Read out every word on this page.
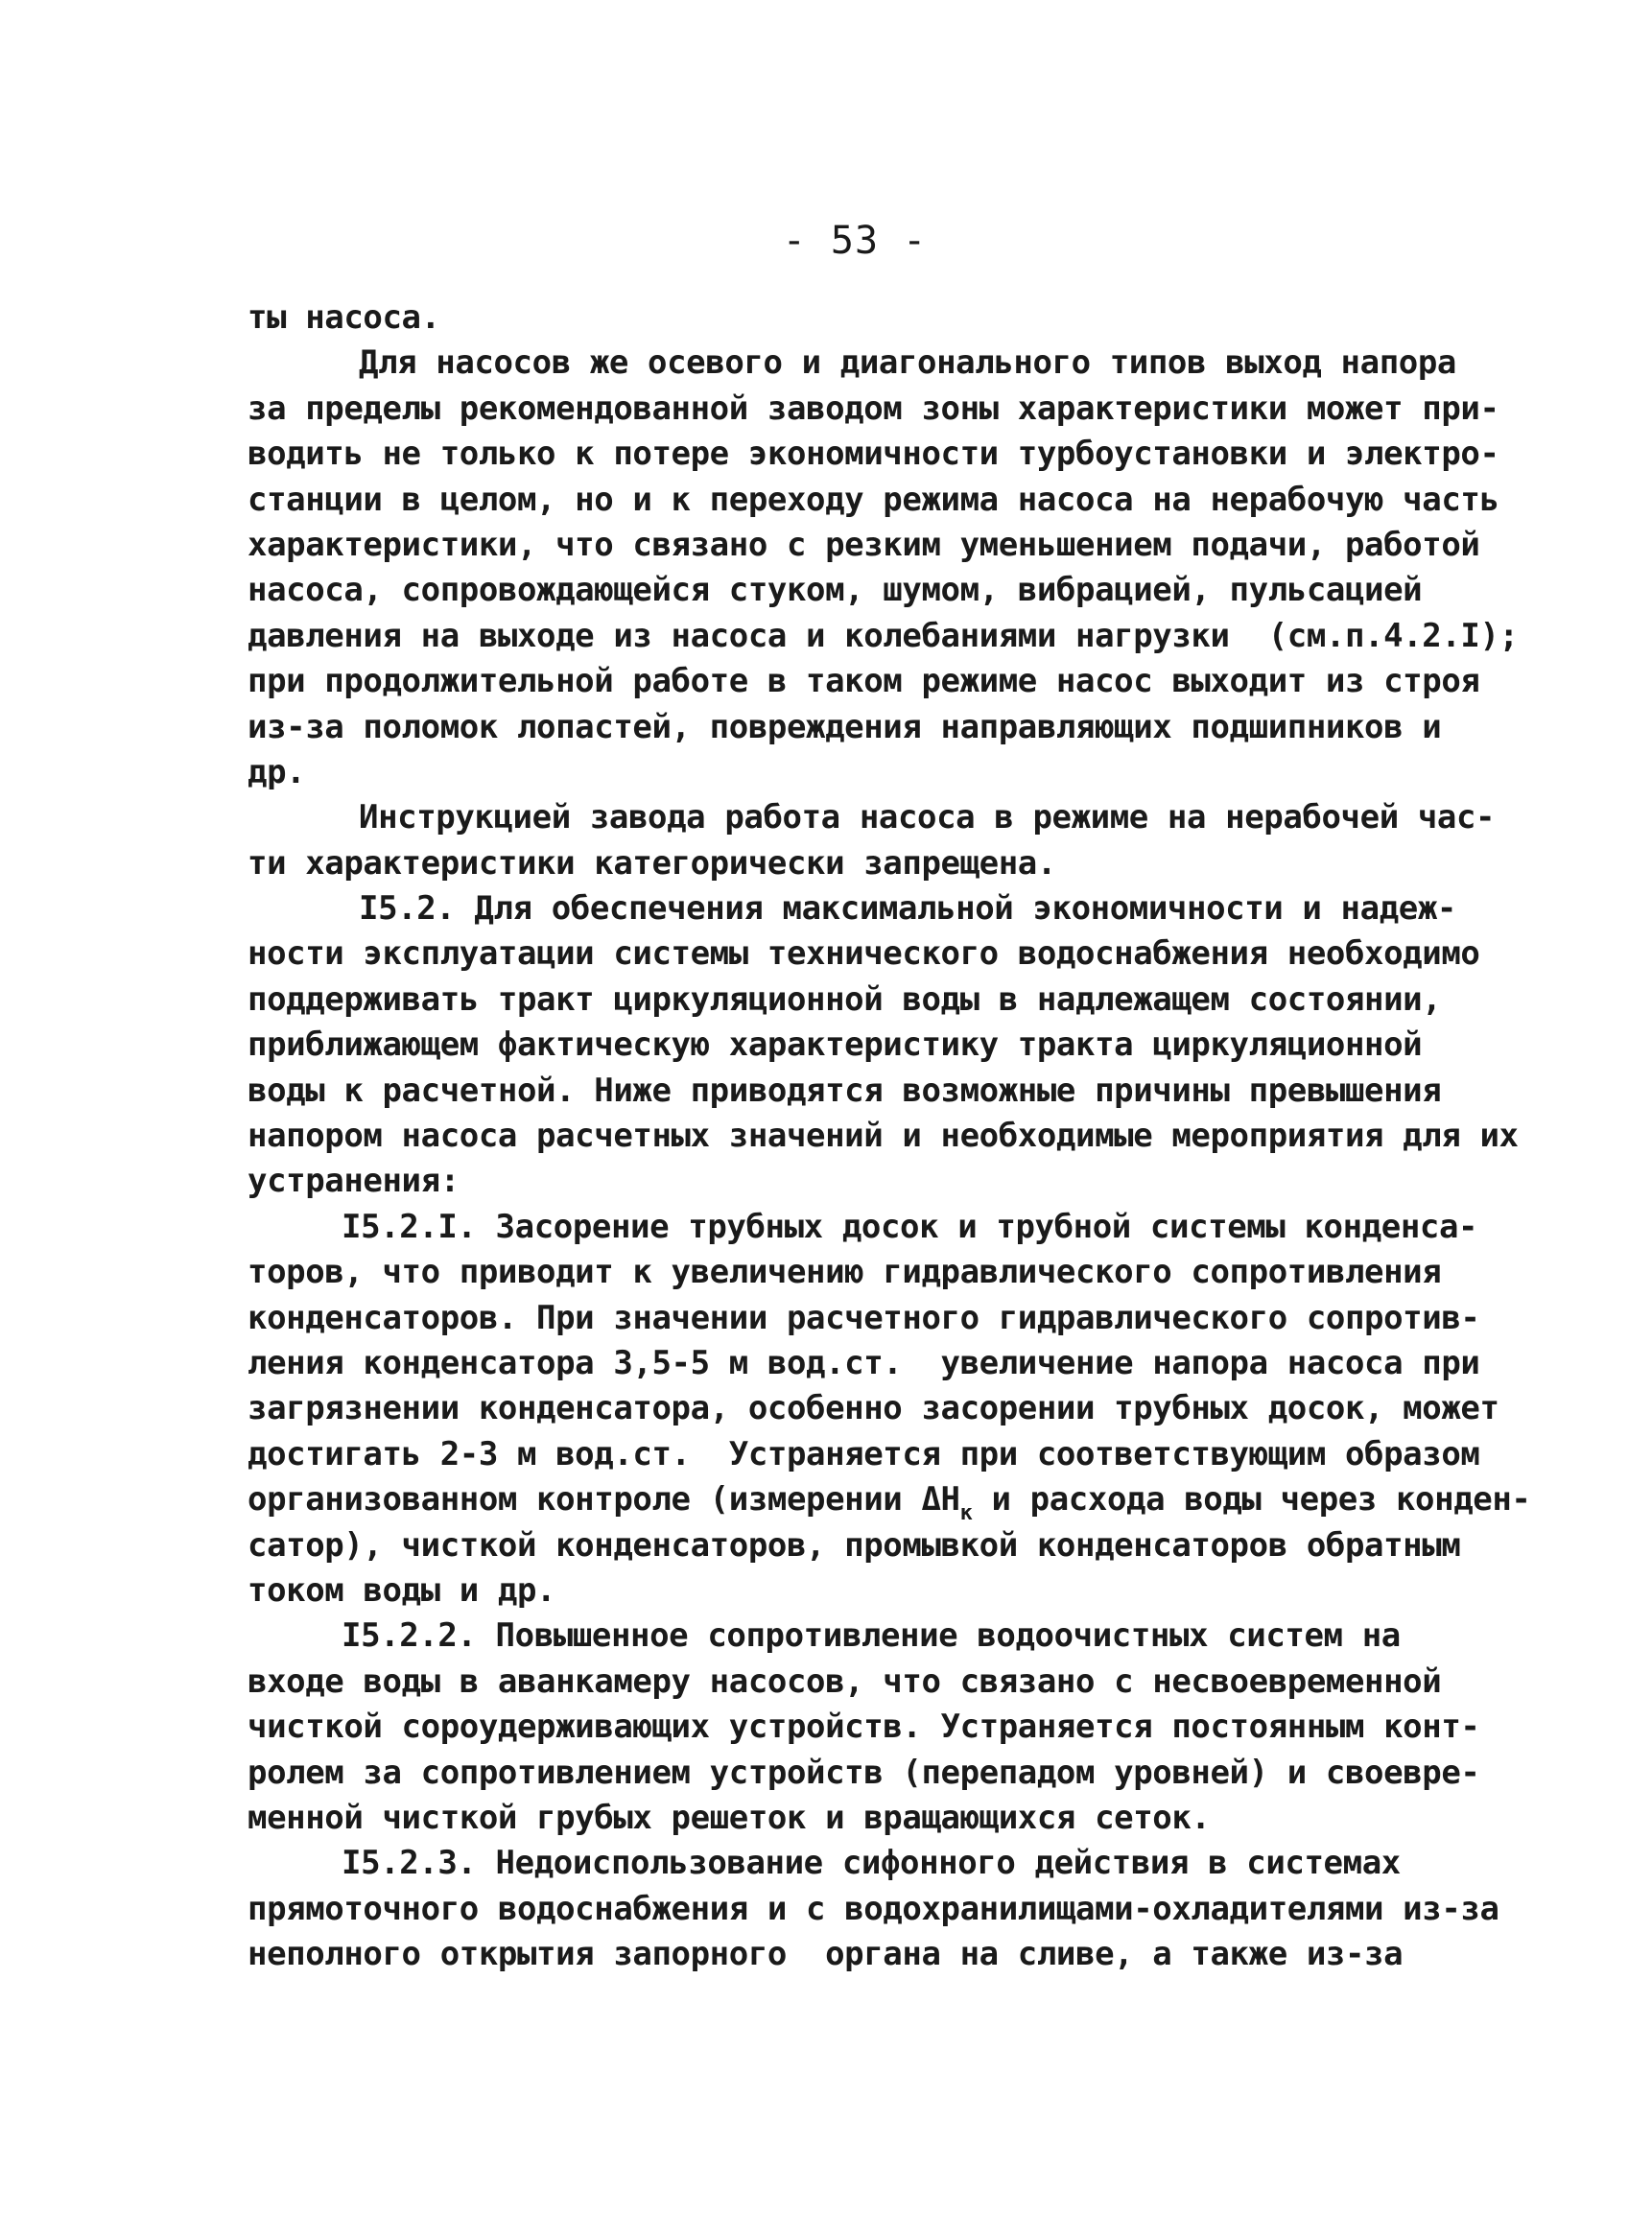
- 53 -
ты насоса.
Для насосов же осевого и диагонального типов выход напора
за пределы рекомендованной заводом зоны характеристики может при-
водить не только к потере экономичности турбоустановки и электро-
станции в целом, но и к переходу режима насоса на нерабочую часть
характеристики, что связано с резким уменьшением подачи, работой
насоса, сопровождающейся стуком, шумом, вибрацией, пульсацией
давления на выходе из насоса и колебаниями нагрузки  (см.п.4.2.I);
при продолжительной работе в таком режиме насос выходит из строя
из-за поломок лопастей, повреждения направляющих подшипников и
др.
Инструкцией завода работа насоса в режиме на нерабочей час-
ти характеристики категорически запрещена.
I5.2. Для обеспечения максимальной экономичности и надеж-
ности эксплуатации системы технического водоснабжения необходимо
поддерживать тракт циркуляционной воды в надлежащем состоянии,
приближающем фактическую характеристику тракта циркуляционной
воды к расчетной. Ниже приводятся возможные причины превышения
напором насоса расчетных значений и необходимые мероприятия для их
устранения:
I5.2.I. Засорение трубных досок и трубной системы конденса-
торов, что приводит к увеличению гидравлического сопротивления
конденсаторов. При значении расчетного гидравлического сопротив-
ления конденсатора 3,5-5 м вод.ст.  увеличение напора насоса при
загрязнении конденсатора, особенно засорении трубных досок, может
достигать 2-3 м вод.ст.  Устраняется при соответствующим образом
организованном контроле (измерении $\Delta H_к$ и расхода воды через конден-
сатор), чисткой конденсаторов, промывкой конденсаторов обратным
током воды и др.
I5.2.2. Повышенное сопротивление водоочистных систем на
входе воды в аванкамеру насосов, что связано с несвоевременной
чисткой сороудерживающих устройств. Устраняется постоянным конт-
ролем за сопротивлением устройств (перепадом уровней) и своевре-
менной чисткой грубых решеток и вращающихся сеток.
I5.2.3. Недоиспользование сифонного действия в системах
прямоточного водоснабжения и с водохранилищами-охладителями из-за
неполного открытия запорного  органа на сливе, а также из-за
